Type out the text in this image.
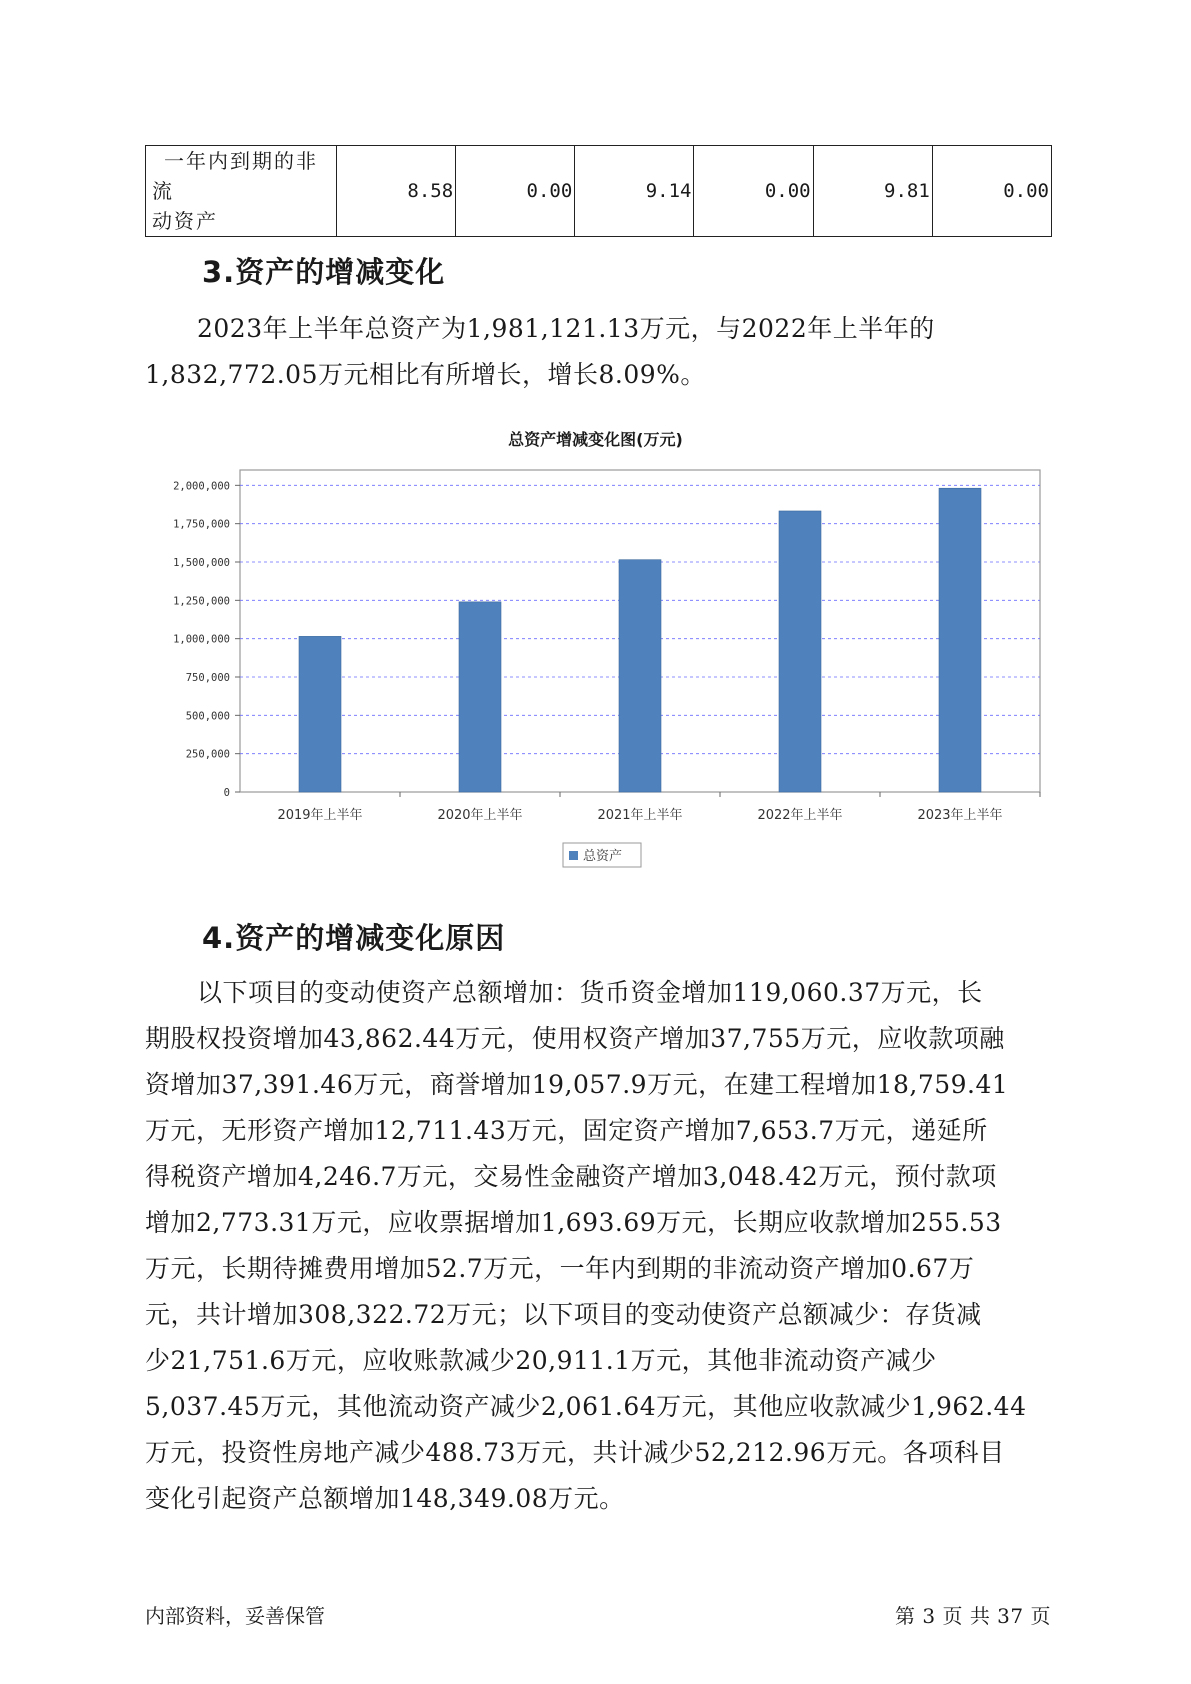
一年内到期的非流
动资产	8.58	0.00	9.14	0.00	9.81	0.00
3.资产的增减变化

2023年上半年总资产为1,981,121.13万元，与2022年上半年的

1,832,772.05万元相比有所增长，增长8.09%。

总资产增减变化图(万元)
0
250,000
500,000
750,000
1,000,000
1,250,000
1,500,000
1,750,000
2,000,000
2019年上半年	2020年上半年	2021年上半年	2022年上半年	2023年上半年
总资产
4.资产的增减变化原因

以下项目的变动使资产总额增加：货币资金增加119,060.37万元，长

期股权投资增加43,862.44万元，使用权资产增加37,755万元，应收款项融

资增加37,391.46万元，商誉增加19,057.9万元，在建工程增加18,759.41

万元，无形资产增加12,711.43万元，固定资产增加7,653.7万元，递延所

得税资产增加4,246.7万元，交易性金融资产增加3,048.42万元，预付款项

增加2,773.31万元，应收票据增加1,693.69万元，长期应收款增加255.53

万元，长期待摊费用增加52.7万元，一年内到期的非流动资产增加0.67万

元，共计增加308,322.72万元；以下项目的变动使资产总额减少：存货减

少21,751.6万元，应收账款减少20,911.1万元，其他非流动资产减少

5,037.45万元，其他流动资产减少2,061.64万元，其他应收款减少1,962.44

万元，投资性房地产减少488.73万元，共计减少52,212.96万元。各项科目

变化引起资产总额增加148,349.08万元。

内部资料，妥善保管	第 3 页 共 37 页
